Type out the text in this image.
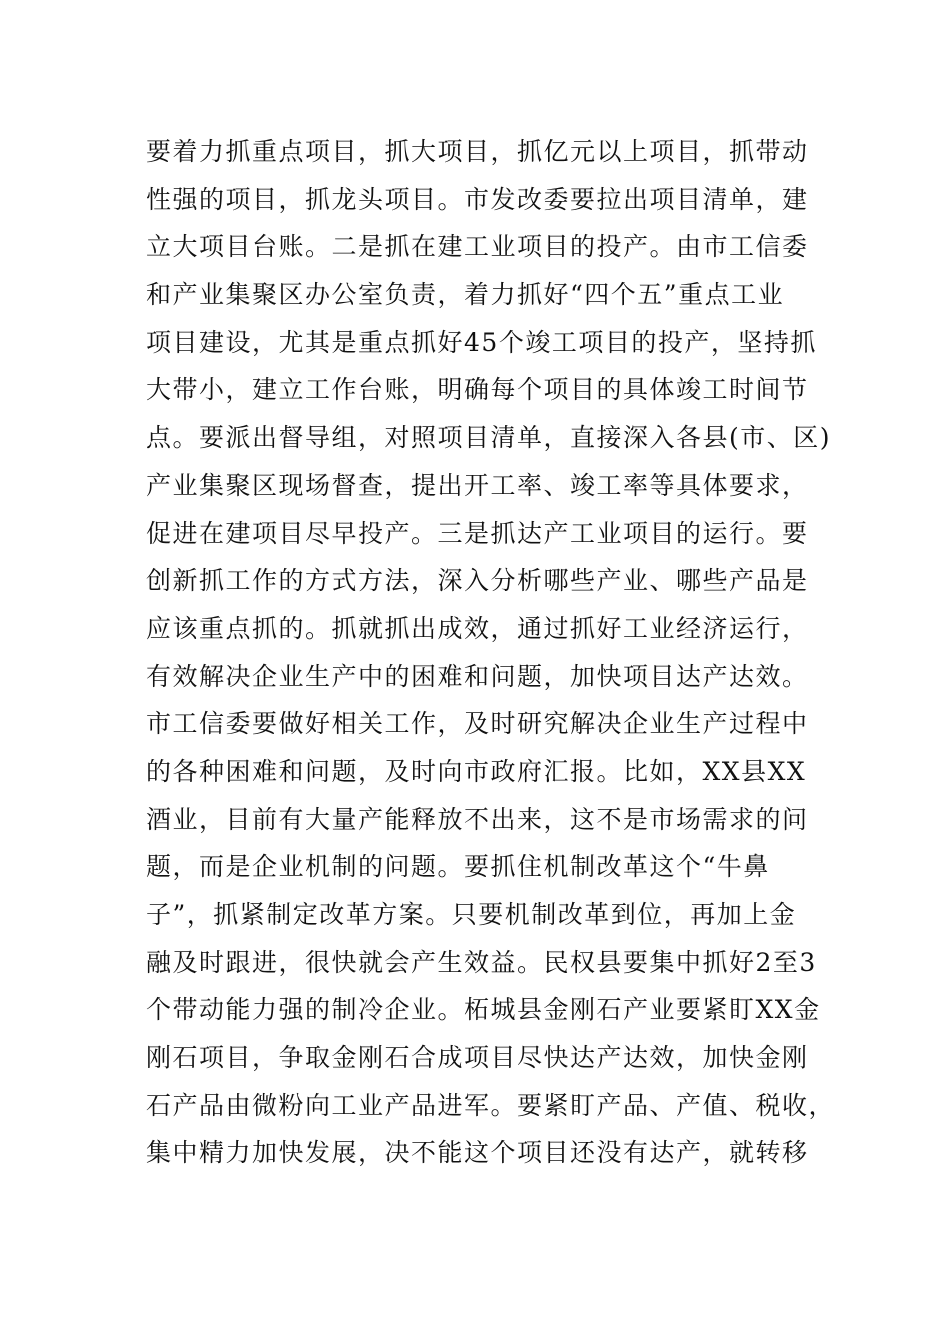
要着力抓重点项目，抓大项目，抓亿元以上项目，抓带动
性强的项目，抓龙头项目。市发改委要拉出项目清单，建
立大项目台账。二是抓在建工业项目的投产。由市工信委
和产业集聚区办公室负责，着力抓好“四个五”重点工业
项目建设，尤其是重点抓好45个竣工项目的投产，坚持抓
大带小，建立工作台账，明确每个项目的具体竣工时间节
点。要派出督导组，对照项目清单，直接深入各县(市、区)
产业集聚区现场督查，提出开工率、竣工率等具体要求，
促进在建项目尽早投产。三是抓达产工业项目的运行。要
创新抓工作的方式方法，深入分析哪些产业、哪些产品是
应该重点抓的。抓就抓出成效，通过抓好工业经济运行，
有效解决企业生产中的困难和问题，加快项目达产达效。
市工信委要做好相关工作，及时研究解决企业生产过程中
的各种困难和问题，及时向市政府汇报。比如，XX县XX
酒业，目前有大量产能释放不出来，这不是市场需求的问
题，而是企业机制的问题。要抓住机制改革这个“牛鼻
子”，抓紧制定改革方案。只要机制改革到位，再加上金
融及时跟进，很快就会产生效益。民权县要集中抓好2至3
个带动能力强的制冷企业。柘城县金刚石产业要紧盯XX金
刚石项目，争取金刚石合成项目尽快达产达效，加快金刚
石产品由微粉向工业产品进军。要紧盯产品、产值、税收，
集中精力加快发展，决不能这个项目还没有达产，就转移
